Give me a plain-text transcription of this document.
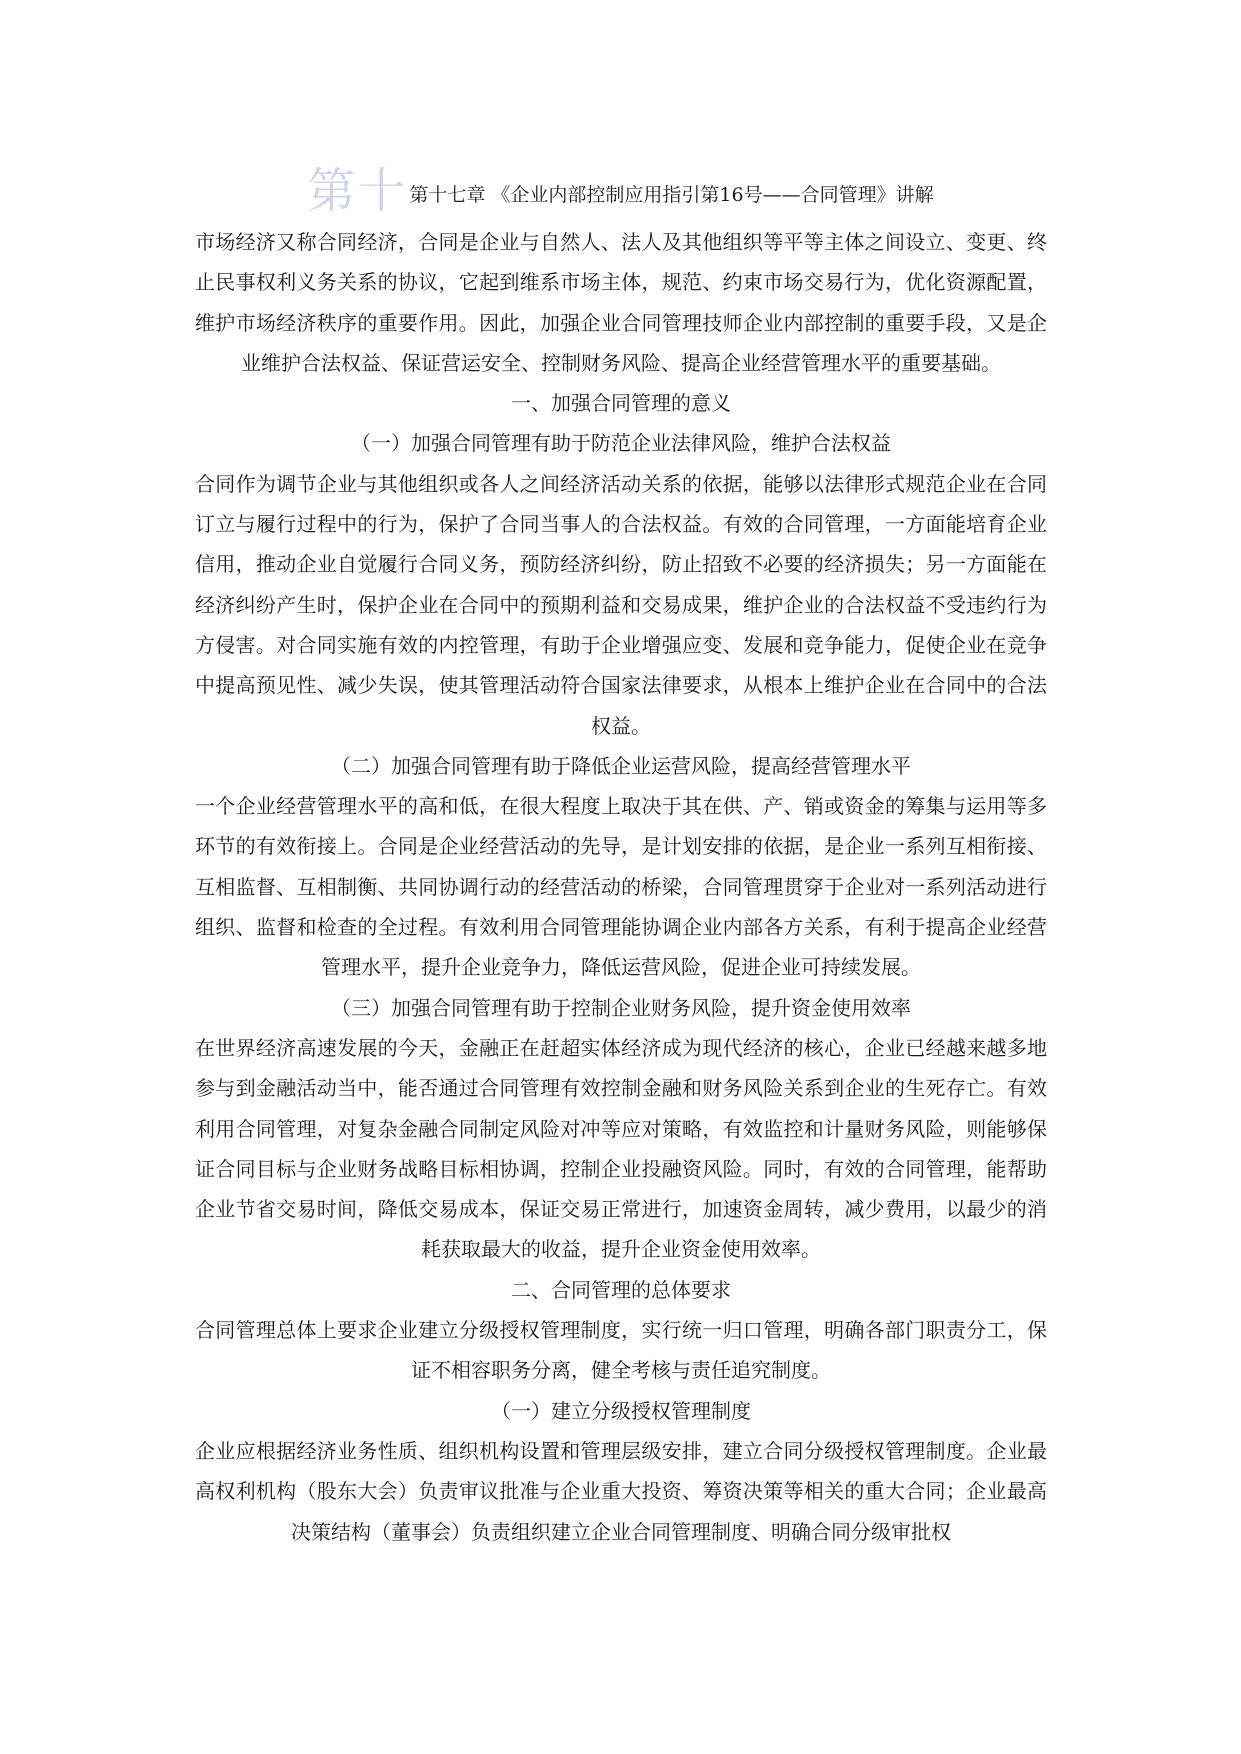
第十 第十七章 《企业内部控制应用指引第16号——合同管理》讲解

市场经济又称合同经济，合同是企业与自然人、法人及其他组织等平等主体之间设立、变更、终止民事权利义务关系的协议，它起到维系市场主体，规范、约束市场交易行为，优化资源配置，维护市场经济秩序的重要作用。因此，加强企业合同管理技师企业内部控制的重要手段，又是企业维护合法权益、保证营运安全、控制财务风险、提高企业经营管理水平的重要基础。

一、加强合同管理的意义

（一）加强合同管理有助于防范企业法律风险，维护合法权益

合同作为调节企业与其他组织或各人之间经济活动关系的依据，能够以法律形式规范企业在合同订立与履行过程中的行为，保护了合同当事人的合法权益。有效的合同管理，一方面能培育企业信用，推动企业自觉履行合同义务，预防经济纠纷，防止招致不必要的经济损失；另一方面能在经济纠纷产生时，保护企业在合同中的预期利益和交易成果，维护企业的合法权益不受违约行为方侵害。对合同实施有效的内控管理，有助于企业增强应变、发展和竞争能力，促使企业在竞争中提高预见性、减少失误，使其管理活动符合国家法律要求，从根本上维护企业在合同中的合法权益。

（二）加强合同管理有助于降低企业运营风险，提高经营管理水平

一个企业经营管理水平的高和低，在很大程度上取决于其在供、产、销或资金的筹集与运用等多环节的有效衔接上。合同是企业经营活动的先导，是计划安排的依据，是企业一系列互相衔接、互相监督、互相制衡、共同协调行动的经营活动的桥梁，合同管理贯穿于企业对一系列活动进行组织、监督和检查的全过程。有效利用合同管理能协调企业内部各方关系，有利于提高企业经营管理水平，提升企业竞争力，降低运营风险，促进企业可持续发展。

（三）加强合同管理有助于控制企业财务风险，提升资金使用效率

在世界经济高速发展的今天，金融正在赶超实体经济成为现代经济的核心，企业已经越来越多地参与到金融活动当中，能否通过合同管理有效控制金融和财务风险关系到企业的生死存亡。有效利用合同管理，对复杂金融合同制定风险对冲等应对策略，有效监控和计量财务风险，则能够保证合同目标与企业财务战略目标相协调，控制企业投融资风险。同时，有效的合同管理，能帮助企业节省交易时间，降低交易成本，保证交易正常进行，加速资金周转，减少费用，以最少的消耗获取最大的收益，提升企业资金使用效率。

二、合同管理的总体要求

合同管理总体上要求企业建立分级授权管理制度，实行统一归口管理，明确各部门职责分工，保证不相容职务分离，健全考核与责任追究制度。

（一）建立分级授权管理制度

企业应根据经济业务性质、组织机构设置和管理层级安排，建立合同分级授权管理制度。企业最高权利机构（股东大会）负责审议批准与企业重大投资、筹资决策等相关的重大合同；企业最高决策结构（董事会）负责组织建立企业合同管理制度、明确合同分级审批权
